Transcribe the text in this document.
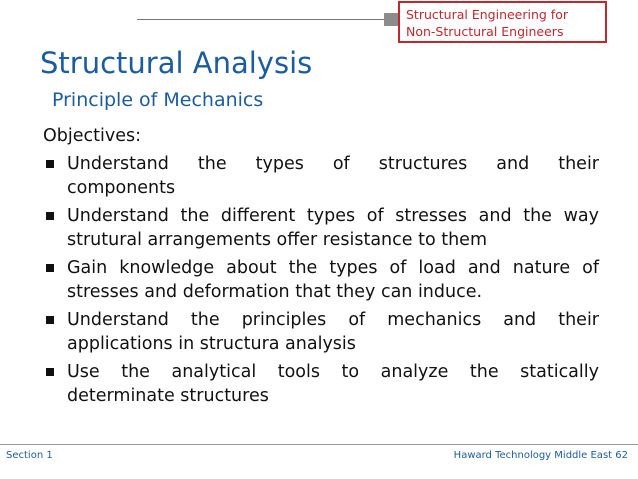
Structural Engineering for
Non-Structural Engineers
Structural Analysis
Principle of Mechanics
Objectives:
Understand the types of structures and their
components
Understand the different types of stresses and the way
strutural arrangements offer resistance to them
Gain knowledge about the types of load and nature of
stresses and deformation that they can induce.
Understand the principles of mechanics and their
applications in structura analysis
Use the analytical tools to analyze the statically
determinate structures
Section 1	Haward Technology Middle East 62
